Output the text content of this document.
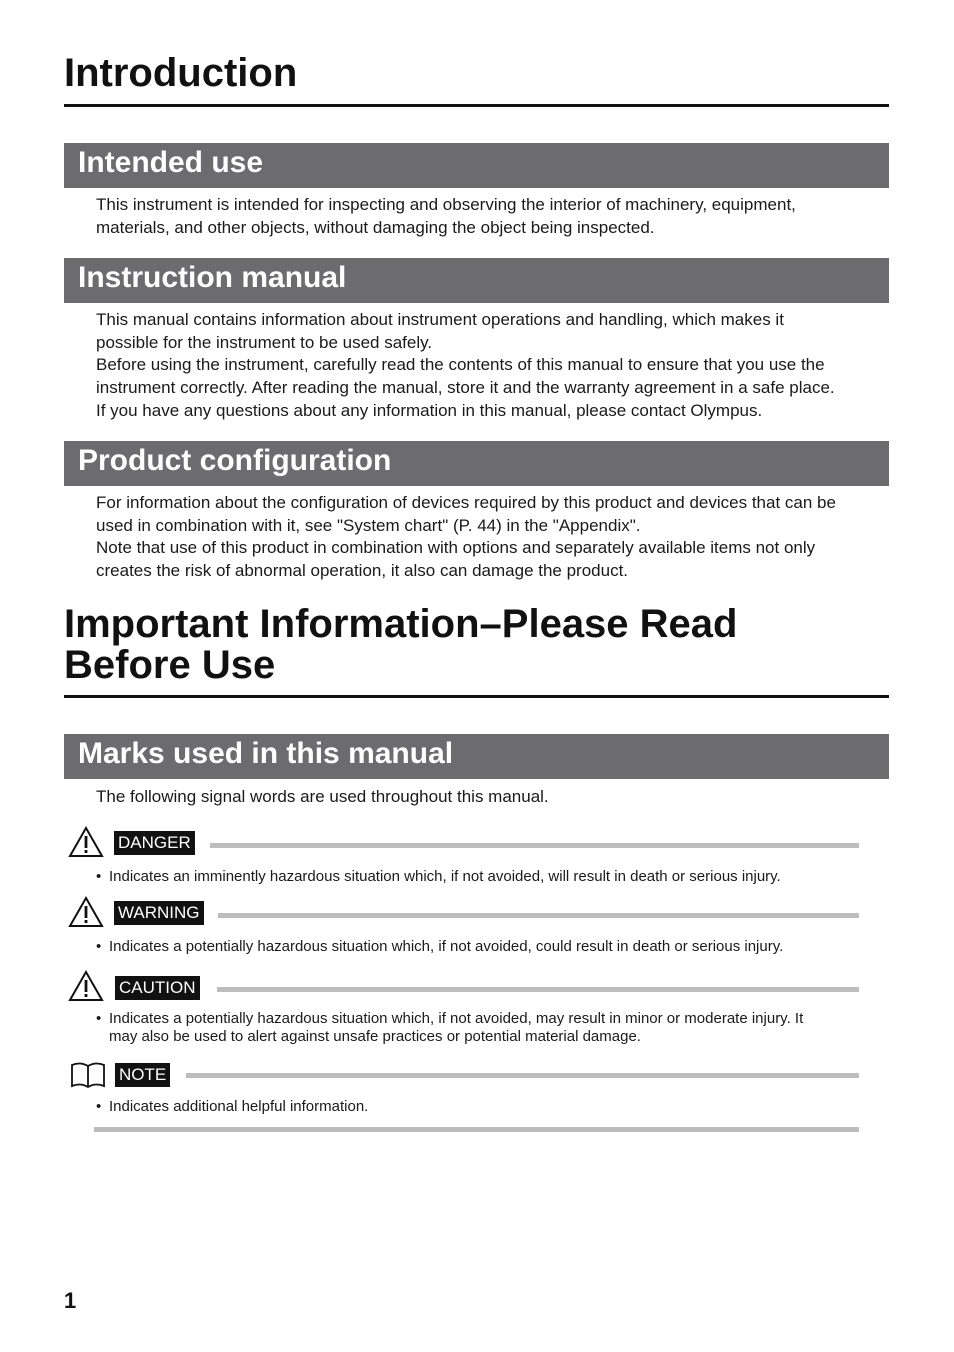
Introduction
Intended use
This instrument is intended for inspecting and observing the interior of machinery, equipment,
materials, and other objects, without damaging the object being inspected.
Instruction manual
This manual contains information about instrument operations and handling, which makes it
possible for the instrument to be used safely.
Before using the instrument, carefully read the contents of this manual to ensure that you use the
instrument correctly. After reading the manual, store it and the warranty agreement in a safe place.
If you have any questions about any information in this manual, please contact Olympus.
Product configuration
For information about the configuration of devices required by this product and devices that can be
used in combination with it, see "System chart" (P. 44) in the "Appendix".
Note that use of this product in combination with options and separately available items not only
creates the risk of abnormal operation, it also can damage the product.
Important Information–Please Read
Before Use
Marks used in this manual
The following signal words are used throughout this manual.
DANGER
• Indicates an imminently hazardous situation which, if not avoided, will result in death or serious injury.
WARNING
• Indicates a potentially hazardous situation which, if not avoided, could result in death or serious injury.
CAUTION
• Indicates a potentially hazardous situation which, if not avoided, may result in minor or moderate injury. It
may also be used to alert against unsafe practices or potential material damage.
NOTE
• Indicates additional helpful information.
1
